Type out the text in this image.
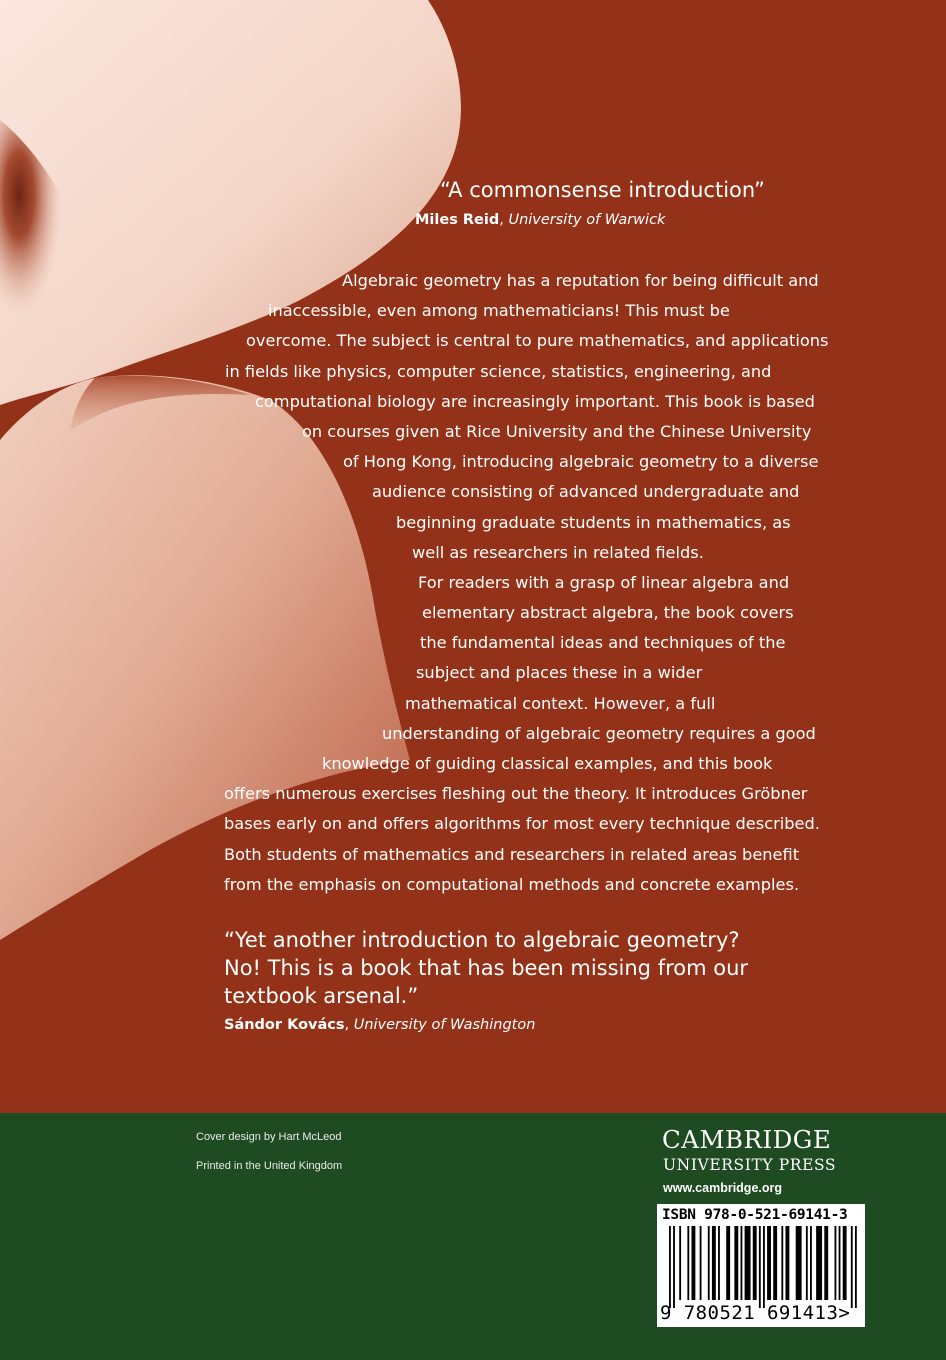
“A commonsense introduction”

Miles Reid, University of Warwick

Algebraic geometry has a reputation for being difficult and
inaccessible, even among mathematicians! This must be
overcome. The subject is central to pure mathematics, and applications
in fields like physics, computer science, statistics, engineering, and
computational biology are increasingly important. This book is based
on courses given at Rice University and the Chinese University
of Hong Kong, introducing algebraic geometry to a diverse
audience consisting of advanced undergraduate and
beginning graduate students in mathematics, as
well as researchers in related fields.
For readers with a grasp of linear algebra and
elementary abstract algebra, the book covers
the fundamental ideas and techniques of the
subject and places these in a wider
mathematical context. However, a full
understanding of algebraic geometry requires a good
knowledge of guiding classical examples, and this book
offers numerous exercises fleshing out the theory. It introduces Gröbner
bases early on and offers algorithms for most every technique described.
Both students of mathematics and researchers in related areas benefit
from the emphasis on computational methods and concrete examples.

“Yet another introduction to algebraic geometry?

No! This is a book that has been missing from our

textbook arsenal.”

Sándor Kovács, University of Washington

Cover design by Hart McLeod

Printed in the United Kingdom

CAMBRIDGE

UNIVERSITY PRESS

www.cambridge.org

ISBN 978-0-521-69141-3

9 780521 691413>
